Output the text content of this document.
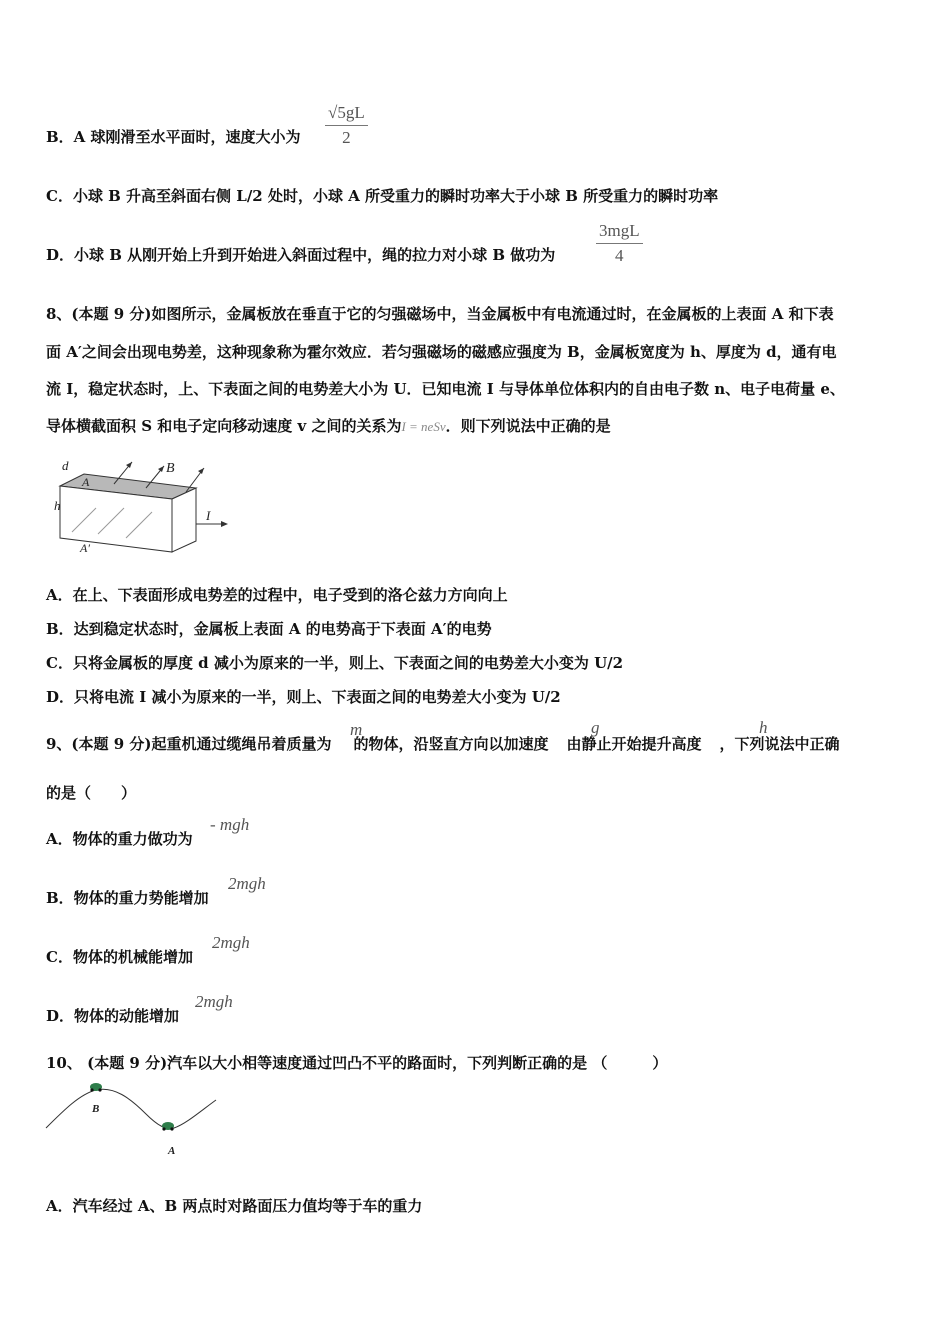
B．A 球刚滑至水平面时，速度大小为 $\frac{√5gL}{2}$
C．小球 B 升高至斜面右侧 L/2 处时，小球 A 所受重力的瞬时功率大于小球 B 所受重力的瞬时功率
D．小球 B 从刚开始上升到开始进入斜面过程中，绳的拉力对小球 B 做功为
3mgL
4
8、(本题 9 分)如图所示，金属板放在垂直于它的匀强磁场中，当金属板中有电流通过时，在金属板的上表面 A 和下表
面 A′之间会出现电势差，这种现象称为霍尔效应．若匀强磁场的磁感应强度为 B，金属板宽度为 h、厚度为 d，通有电
流 I，稳定状态时，上、下表面之间的电势差大小为 U．已知电流 I 与导体单位体积内的自由电子数 n、电子电荷量 e、
导体横截面积 S 和电子定向移动速度 v 之间的关系为I = neSv．则下列说法中正确的是
d
A
B
h
I
A′
A．在上、下表面形成电势差的过程中，电子受到的洛仑兹力方向向上
B．达到稳定状态时，金属板上表面 A 的电势高于下表面 A′的电势
C．只将金属板的厚度 d 减小为原来的一半，则上、下表面之间的电势差大小变为 U/2
D．只将电流 I 减小为原来的一半，则上、下表面之间的电势差大小变为 U/2
9、(本题 9 分)起重机通过缆绳吊着质量为 的物体，沿竖直方向以加速度 由静止开始提升高度 ，下列说法中正确
m	g	h
的是（　　）
A．物体的重力做功为
- mgh
B．物体的重力势能增加
2mgh
C．物体的机械能增加
2mgh
D．物体的动能增加
2mgh
10、 (本题 9 分)汽车以大小相等速度通过凹凸不平的路面时，下列判断正确的是 （　　　）
B
A
A．汽车经过 A、B 两点时对路面压力值均等于车的重力
